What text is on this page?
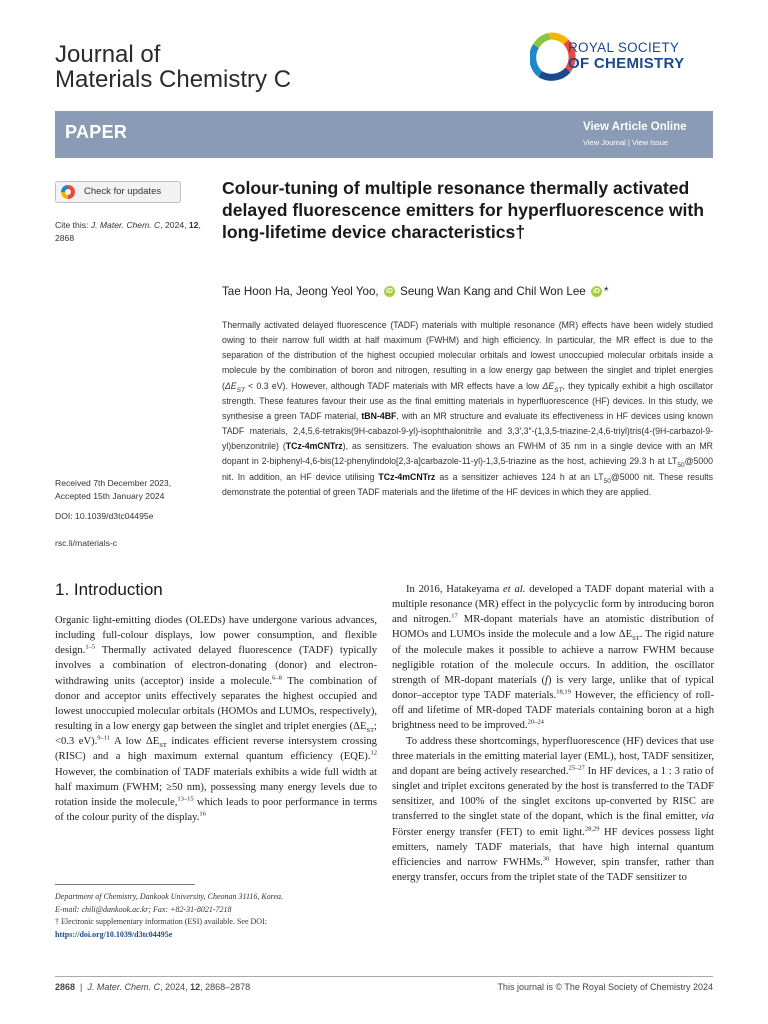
Journal of
Materials Chemistry C
ROYAL SOCIETY
OF CHEMISTRY
PAPER	View Article Online
View Journal | View Issue
Check for updates
Cite this: J. Mater. Chem. C, 2024, 12, 2868
Received 7th December 2023,
Accepted 15th January 2024
DOI: 10.1039/d3tc04495e
rsc.li/materials-c
Colour-tuning of multiple resonance thermally activated delayed fluorescence emitters for hyperfluorescence with long-lifetime device characteristics†
Tae Hoon Ha, Jeong Yeol Yoo, iD Seung Wan Kang and Chil Won Lee iD *
Thermally activated delayed fluorescence (TADF) materials with multiple resonance (MR) effects have been widely studied owing to their narrow full width at half maximum (FWHM) and high efficiency. In particular, the MR effect is due to the separation of the distribution of the highest occupied molecular orbitals and lowest unoccupied molecular orbitals inside a molecule by the combination of boron and nitrogen, resulting in a low energy gap between the singlet and triplet energies ($\Delta E_{ST} < 0.3$ eV). However, although TADF materials with MR effects have a low $\Delta E_{ST}$, they typically exhibit a high oscillator strength. These features favour their use as the final emitting materials in hyperfluorescence (HF) devices. In this study, we synthesise a green TADF material, tBN-4BF, with an MR structure and evaluate its effectiveness in HF devices using known TADF materials, 2,4,5,6-tetrakis(9H-cabazol-9-yl)-isophthalonitrile and 3,3′,3″-(1,3,5-triazine-2,4,6-triyl)tris(4-(9H-carbazol-9-yl)benzonitrile) (TCz-4mCNTrz), as sensitizers. The evaluation shows an FWHM of 35 nm in a single device with an MR dopant in 2-biphenyl-4,6-bis(12-phenylindolo[2,3-a]carbazole-11-yl)-1,3,5-triazine as the host, achieving 29.3 h at $LT_{50}@5000$ nit. In addition, an HF device utilising TCz-4mCNTrz as a sensitizer achieves 124 h at an $LT_{50}@5000$ nit. These results demonstrate the potential of green TADF materials and the lifetime of the HF devices in which they are applied.
1. Introduction

Organic light-emitting diodes (OLEDs) have undergone various advances, including full-colour displays, low power consumption, and flexible design.$^{1-5}$ Thermally activated delayed fluorescence (TADF) typically involves a combination of electron-donating (donor) and electron-withdrawing units (acceptor) inside a molecule.$^{6-8}$ The combination of donor and acceptor units effectively separates the highest occupied and lowest unoccupied molecular orbitals (HOMOs and LUMOs, respectively), resulting in a low energy gap between the singlet and triplet energies ($\Delta E_{ST}$; <0.3 eV).$^{9-11}$ A low $\Delta E_{ST}$ indicates efficient reverse intersystem crossing (RISC) and a high maximum external quantum efficiency (EQE).$^{12}$ However, the combination of TADF materials exhibits a wide full width at half maximum (FWHM; ≥50 nm), possessing many energy levels due to rotation inside the molecule,$^{13-15}$ which leads to poor performance in terms of the colour purity of the display.$^{16}$

In 2016, Hatakeyama et al. developed a TADF dopant material with a multiple resonance (MR) effect in the polycyclic form by introducing boron and nitrogen.$^{17}$ MR-dopant materials have an atomistic distribution of HOMOs and LUMOs inside the molecule and a low $\Delta E_{ST}$. The rigid nature of the molecule makes it possible to achieve a narrow FWHM because negligible rotation of the molecule occurs. In addition, the oscillator strength of MR-dopant materials (f) is very large, unlike that of typical donor–acceptor type TADF materials.$^{18,19}$ However, the efficiency of roll-off and lifetime of MR-doped TADF materials containing boron at a high brightness need to be improved.$^{20-24}$

To address these shortcomings, hyperfluorescence (HF) devices that use three materials in the emitting material layer (EML), host, TADF sensitizer, and dopant are being actively researched.$^{25-27}$ In HF devices, a 1 : 3 ratio of singlet and triplet excitons generated by the host is transferred to the TADF sensitizer, and 100% of the singlet excitons up-converted by RISC are transferred to the singlet state of the dopant, which is the final emitter, via Förster energy transfer (FET) to emit light.$^{28,29}$ HF devices possess light emitters, namely TADF materials, that have high internal quantum efficiencies and narrow FWHMs.$^{30}$ However, spin transfer, rather than energy transfer, occurs from the triplet state of the TADF sensitizer to

Department of Chemistry, Dankook University, Cheonan 31116, Korea.
E-mail: chili@dankook.ac.kr; Fax: +82-31-8021-7218
† Electronic supplementary information (ESI) available. See DOI: https://doi.org/10.1039/d3tc04495e
2868  |  J. Mater. Chem. C, 2024, 12, 2868–2878	This journal is © The Royal Society of Chemistry 2024
